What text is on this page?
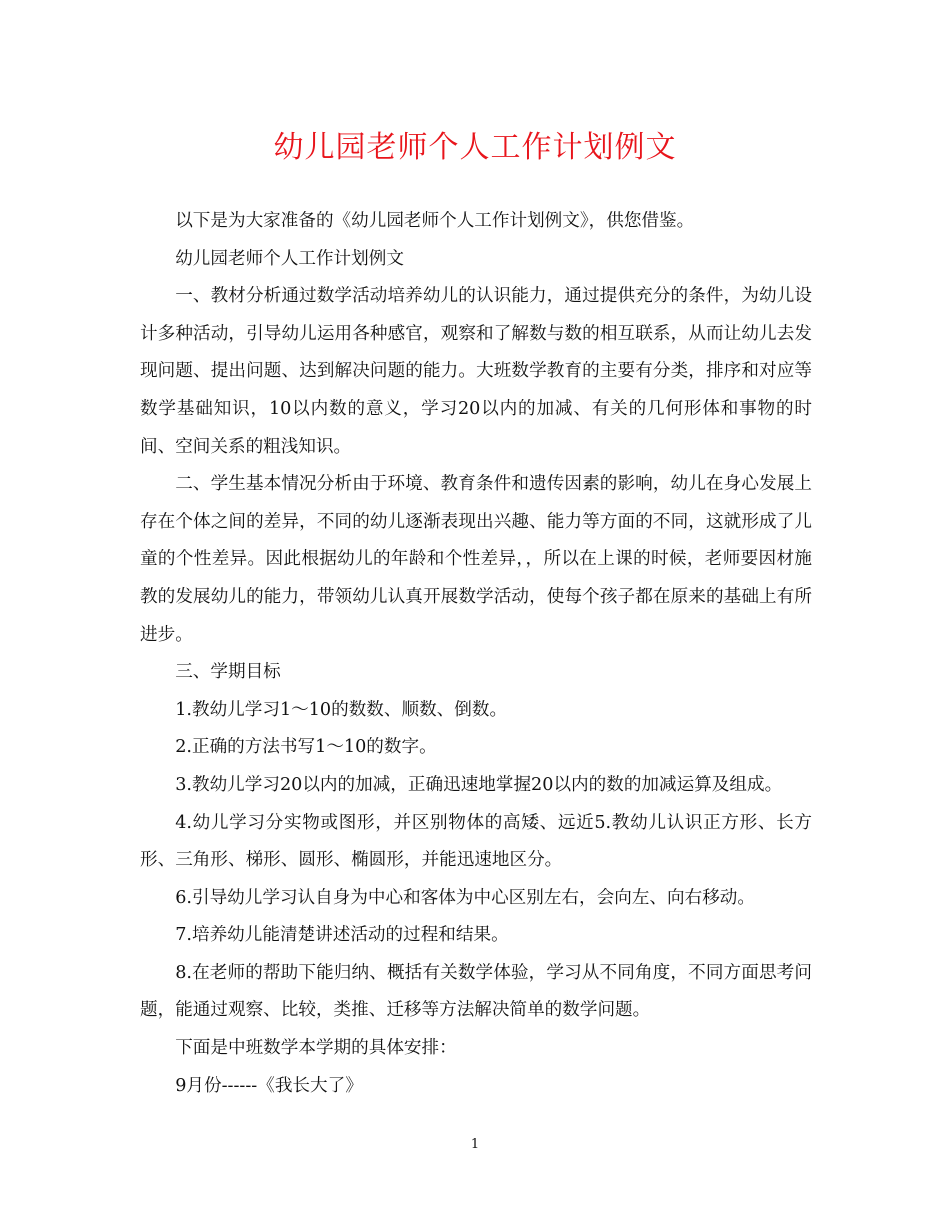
幼儿园老师个人工作计划例文

以下是为大家准备的《幼儿园老师个人工作计划例文》，供您借鉴。

幼儿园老师个人工作计划例文

一、教材分析通过数学活动培养幼儿的认识能力，通过提供充分的条件，为幼儿设计多种活动，引导幼儿运用各种感官，观察和了解数与数的相互联系，从而让幼儿去发现问题、提出问题、达到解决问题的能力。大班数学教育的主要有分类，排序和对应等数学基础知识，10以内数的意义，学习20以内的加减、有关的几何形体和事物的时间、空间关系的粗浅知识。

二、学生基本情况分析由于环境、教育条件和遗传因素的影响，幼儿在身心发展上存在个体之间的差异，不同的幼儿逐渐表现出兴趣、能力等方面的不同，这就形成了儿童的个性差异。因此根据幼儿的年龄和个性差异，，所以在上课的时候，老师要因材施教的发展幼儿的能力，带领幼儿认真开展数学活动，使每个孩子都在原来的基础上有所进步。

三、学期目标

1.教幼儿学习1～10的数数、顺数、倒数。

2.正确的方法书写1～10的数字。

3.教幼儿学习20以内的加减，正确迅速地掌握20以内的数的加减运算及组成。

4.幼儿学习分实物或图形，并区别物体的高矮、远近5.教幼儿认识正方形、长方形、三角形、梯形、圆形、椭圆形，并能迅速地区分。

6.引导幼儿学习认自身为中心和客体为中心区别左右，会向左、向右移动。

7.培养幼儿能清楚讲述活动的过程和结果。

8.在老师的帮助下能归纳、概括有关数学体验，学习从不同角度，不同方面思考问题，能通过观察、比较，类推、迁移等方法解决简单的数学问题。

下面是中班数学本学期的具体安排：

9月份------《我长大了》

1
